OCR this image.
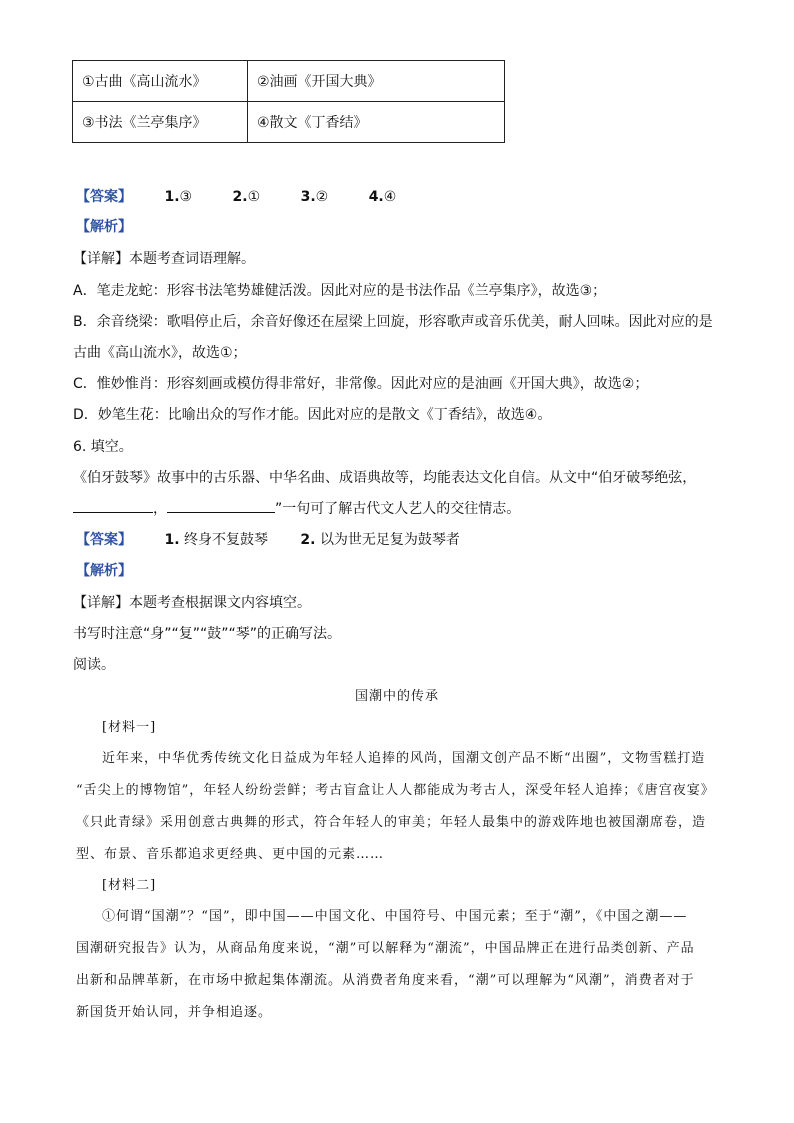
①古曲《高山流水》	②油画《开国大典》
③书法《兰亭集序》	④散文《丁香结》
【答案】 1.③	2.①	3.②	4.④
【解析】
【详解】本题考查词语理解。
A．笔走龙蛇：形容书法笔势雄健活泼。因此对应的是书法作品《兰亭集序》，故选③；
B．余音绕梁：歌唱停止后，余音好像还在屋梁上回旋，形容歌声或音乐优美，耐人回味。因此对应的是
古曲《高山流水》，故选①；
C．惟妙惟肖：形容刻画或模仿得非常好，非常像。因此对应的是油画《开国大典》，故选②；
D．妙笔生花：比喻出众的写作才能。因此对应的是散文《丁香结》，故选④。
6. 填空。
《伯牙鼓琴》故事中的古乐器、中华名曲、成语典故等，均能表达文化自信。从文中“伯牙破琴绝弦，
，	”一句可了解古代文人艺人的交往情志。
【答案】 1. 终身不复鼓琴 2. 以为世无足复为鼓琴者
【解析】
【详解】本题考查根据课文内容填空。
书写时注意“身”“复”“鼓”“琴”的正确写法。
阅读。
国潮中的传承
[材料一]
近年来，中华优秀传统文化日益成为年轻人追捧的风尚，国潮文创产品不断“出圈”，文物雪糕打造
“舌尖上的博物馆”，年轻人纷纷尝鲜；考古盲盒让人人都能成为考古人，深受年轻人追捧；《唐宫夜宴》
《只此青绿》采用创意古典舞的形式，符合年轻人的审美；年轻人最集中的游戏阵地也被国潮席卷，造
型、布景、音乐都追求更经典、更中国的元素……
[材料二]
①何谓“国潮”？“国”，即中国——中国文化、中国符号、中国元素；至于“潮”，《中国之潮——
国潮研究报告》认为，从商品角度来说，“潮”可以解释为“潮流”，中国品牌正在进行品类创新、产品
出新和品牌革新，在市场中掀起集体潮流。从消费者角度来看，“潮”可以理解为“风潮”，消费者对于
新国货开始认同，并争相追逐。
